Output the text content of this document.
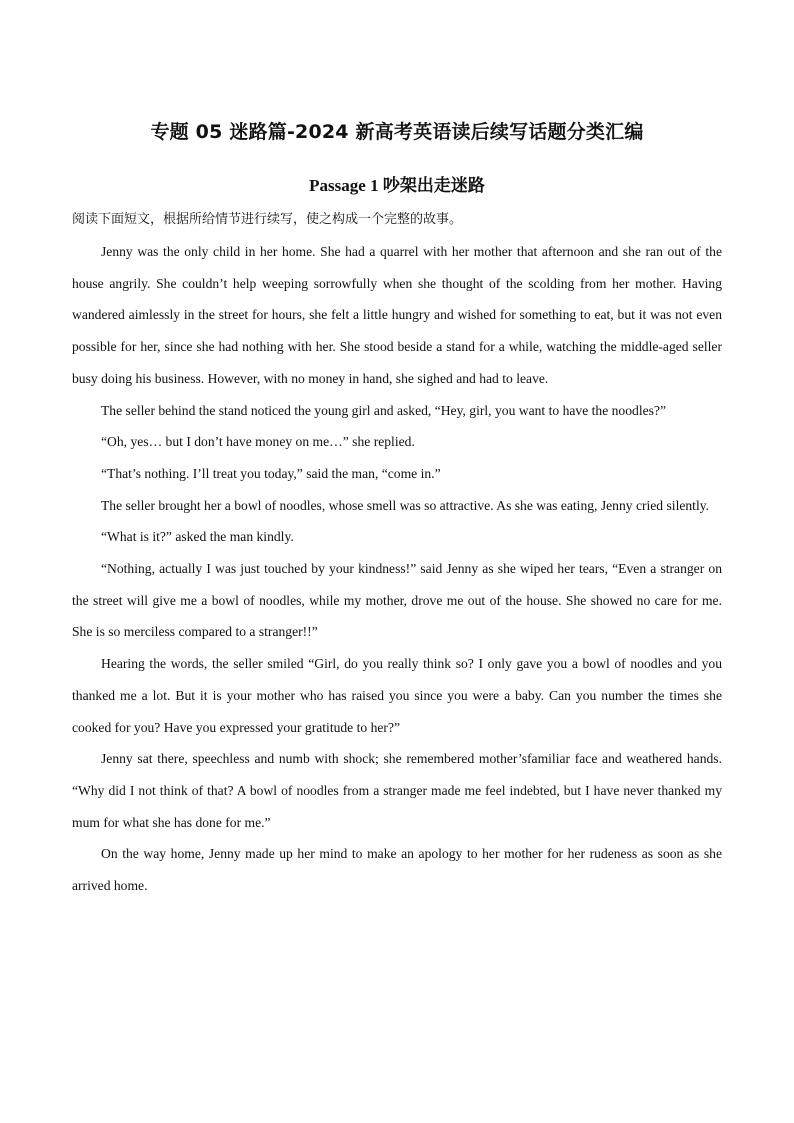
专题 05 迷路篇-2024 新高考英语读后续写话题分类汇编
Passage 1 吵架出走迷路

阅读下面短文，根据所给情节进行续写，使之构成一个完整的故事。

Jenny was the only child in her home. She had a quarrel with her mother that afternoon and she ran out of the house angrily. She couldn’t help weeping sorrowfully when she thought of the scolding from her mother. Having wandered aimlessly in the street for hours, she felt a little hungry and wished for something to eat, but it was not even possible for her, since she had nothing with her. She stood beside a stand for a while, watching the middle-aged seller busy doing his business. However, with no money in hand, she sighed and had to leave.

The seller behind the stand noticed the young girl and asked, “Hey, girl, you want to have the noodles?”

“Oh, yes… but I don’t have money on me…” she replied.

“That’s nothing. I’ll treat you today,” said the man, “come in.”

The seller brought her a bowl of noodles, whose smell was so attractive. As she was eating, Jenny cried silently.

“What is it?” asked the man kindly.

“Nothing, actually I was just touched by your kindness!” said Jenny as she wiped her tears, “Even a stranger on the street will give me a bowl of noodles, while my mother, drove me out of the house. She showed no care for me. She is so merciless compared to a stranger!!”

Hearing the words, the seller smiled “Girl, do you really think so? I only gave you a bowl of noodles and you thanked me a lot. But it is your mother who has raised you since you were a baby. Can you number the times she cooked for you? Have you expressed your gratitude to her?”

Jenny sat there, speechless and numb with shock; she remembered mother’sfamiliar face and weathered hands. “Why did I not think of that? A bowl of noodles from a stranger made me feel indebted, but I have never thanked my mum for what she has done for me.”

On the way home, Jenny made up her mind to make an apology to her mother for her rudeness as soon as she arrived home.
